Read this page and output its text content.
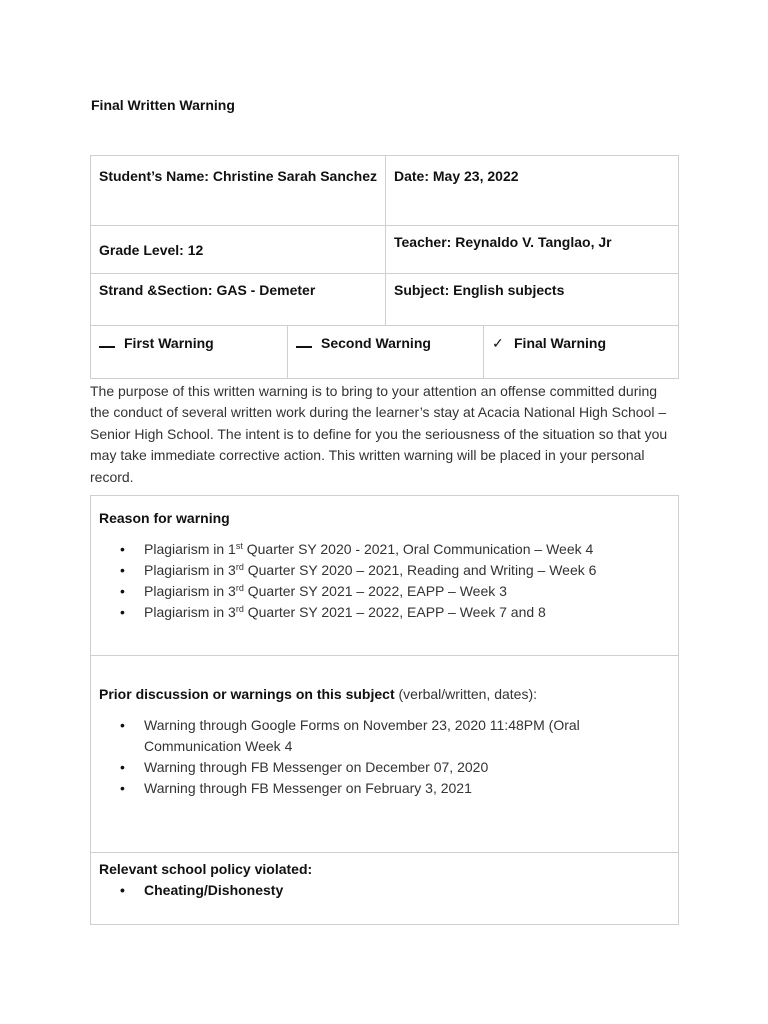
Final Written Warning
Student’s Name: Christine Sarah Sanchez	Date: May 23, 2022
Grade Level: 12	Teacher: Reynaldo V. Tanglao, Jr
Strand &Section: GAS - Demeter	Subject: English subjects
First Warning	Second Warning	✓ Final Warning
The purpose of this written warning is to bring to your attention an offense committed during the conduct of several written work during the learner’s stay at Acacia National High School – Senior High School. The intent is to define for you the seriousness of the situation so that you may take immediate corrective action. This written warning will be placed in your personal record.
Reason for warning
• Plagiarism in 1st Quarter SY 2020 - 2021, Oral Communication – Week 4
• Plagiarism in 3rd Quarter SY 2020 – 2021, Reading and Writing – Week 6
• Plagiarism in 3rd Quarter SY 2021 – 2022, EAPP – Week 3
• Plagiarism in 3rd Quarter SY 2021 – 2022, EAPP – Week 7 and 8
Prior discussion or warnings on this subject (verbal/written, dates):
• Warning through Google Forms on November 23, 2020 11:48PM (Oral Communication Week 4
• Warning through FB Messenger on December 07, 2020
• Warning through FB Messenger on February 3, 2021
Relevant school policy violated:
• Cheating/Dishonesty
